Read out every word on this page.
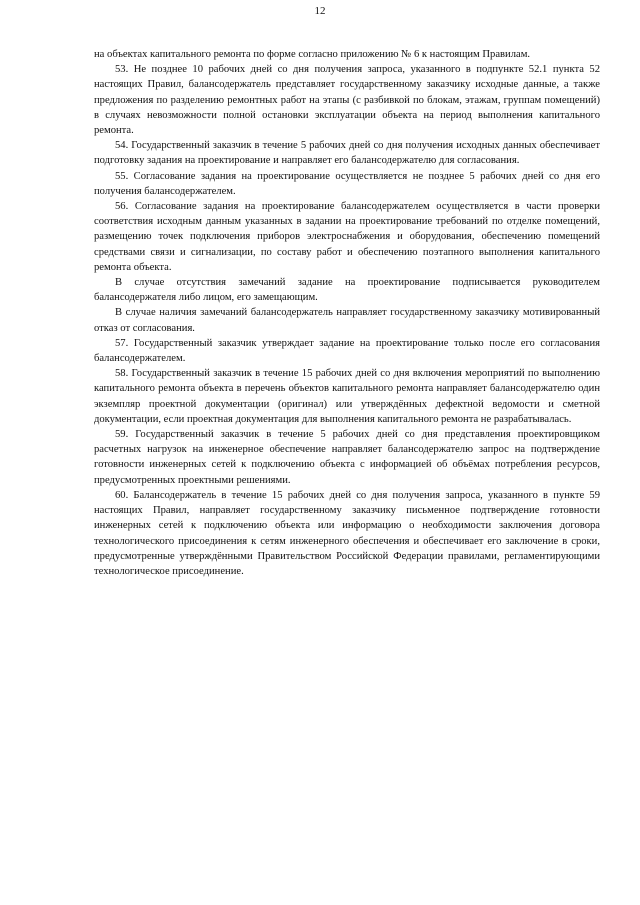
12

на объектах капитального ремонта по форме согласно приложению № 6 к настоящим Правилам.

53. Не позднее 10 рабочих дней со дня получения запроса, указанного в подпункте 52.1 пункта 52 настоящих Правил, балансодержатель представляет государственному заказчику исходные данные, а также предложения по разделению ремонтных работ на этапы (с разбивкой по блокам, этажам, группам помещений) в случаях невозможности полной остановки эксплуатации объекта на период выполнения капитального ремонта.

54. Государственный заказчик в течение 5 рабочих дней со дня получения исходных данных обеспечивает подготовку задания на проектирование и направляет его балансодержателю для согласования.

55. Согласование задания на проектирование осуществляется не позднее 5 рабочих дней со дня его получения балансодержателем.

56. Согласование задания на проектирование балансодержателем осуществляется в части проверки соответствия исходным данным указанных в задании на проектирование требований по отделке помещений, размещению точек подключения приборов электроснабжения и оборудования, обеспечению помещений средствами связи и сигнализации, по составу работ и обеспечению поэтапного выполнения капитального ремонта объекта.

В случае отсутствия замечаний задание на проектирование подписывается руководителем балансодержателя либо лицом, его замещающим.

В случае наличия замечаний балансодержатель направляет государственному заказчику мотивированный отказ от согласования.

57. Государственный заказчик утверждает задание на проектирование только после его согласования балансодержателем.

58. Государственный заказчик в течение 15 рабочих дней со дня включения мероприятий по выполнению капитального ремонта объекта в перечень объектов капитального ремонта направляет балансодержателю один экземпляр проектной документации (оригинал) или утверждённых дефектной ведомости и сметной документации, если проектная документация для выполнения капитального ремонта не разрабатывалась.

59. Государственный заказчик в течение 5 рабочих дней со дня представления проектировщиком расчетных нагрузок на инженерное обеспечение направляет балансодержателю запрос на подтверждение готовности инженерных сетей к подключению объекта с информацией об объёмах потребления ресурсов, предусмотренных проектными решениями.

60. Балансодержатель в течение 15 рабочих дней со дня получения запроса, указанного в пункте 59 настоящих Правил, направляет государственному заказчику письменное подтверждение готовности инженерных сетей к подключению объекта или информацию о необходимости заключения договора технологического присоединения к сетям инженерного обеспечения и обеспечивает его заключение в сроки, предусмотренные утверждёнными Правительством Российской Федерации правилами, регламентирующими технологическое присоединение.
